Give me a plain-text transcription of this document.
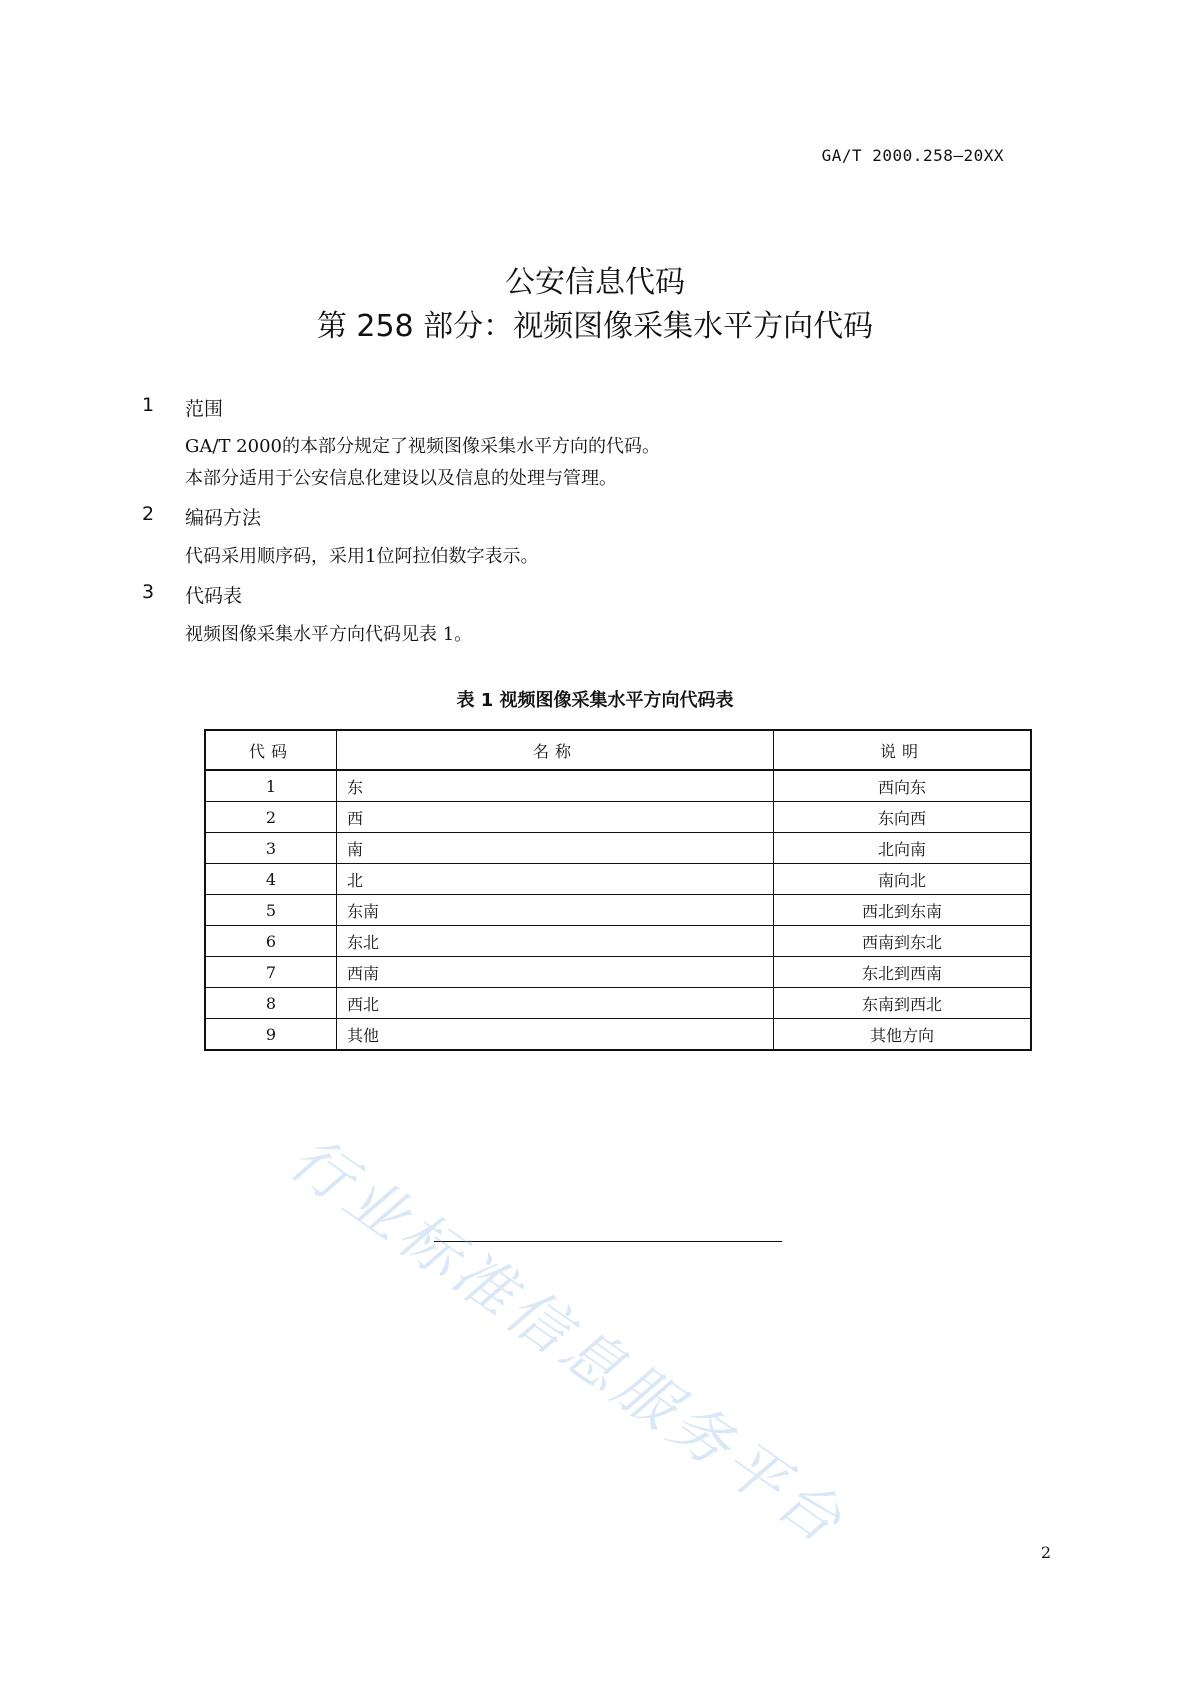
GA/T 2000.258—20XX
公安信息代码
第 258 部分：视频图像采集水平方向代码
1 范围
GA/T 2000的本部分规定了视频图像采集水平方向的代码。
本部分适用于公安信息化建设以及信息的处理与管理。
2 编码方法
代码采用顺序码，采用1位阿拉伯数字表示。
3 代码表
视频图像采集水平方向代码见表 1。
表 1 视频图像采集水平方向代码表
代码	名称	说明
1	东	西向东
2	西	东向西
3	南	北向南
4	北	南向北
5	东南	西北到东南
6	东北	西南到东北
7	西南	东北到西南
8	西北	东南到西北
9	其他	其他方向
2
行业标准信息服务平台
